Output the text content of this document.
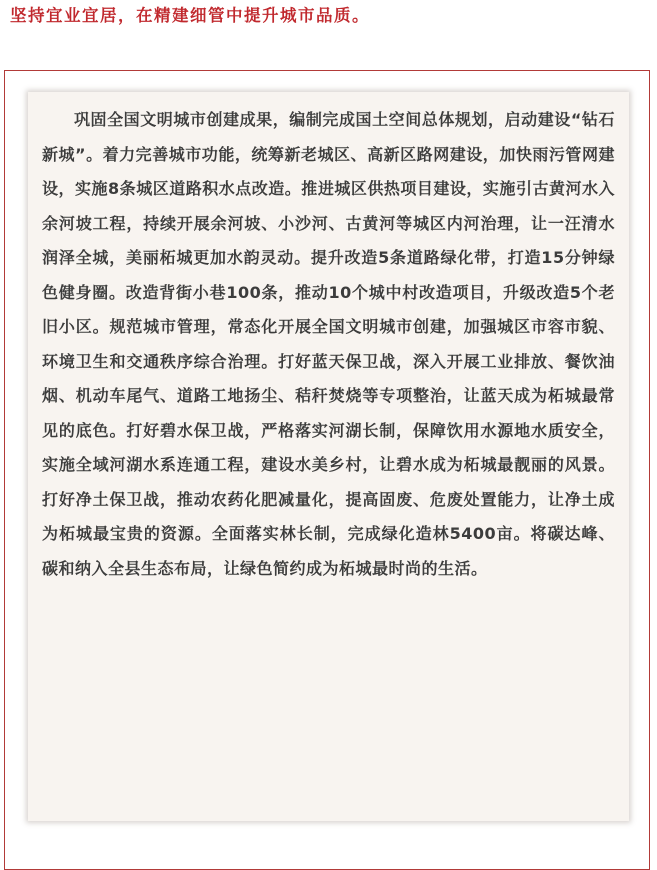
坚持宜业宜居，在精建细管中提升城市品质。

巩固全国文明城市创建成果，编制完成国土空间总体规划，启动建设“钻石新城”。着力完善城市功能，统筹新老城区、高新区路网建设，加快雨污管网建设，实施8条城区道路积水点改造。推进城区供热项目建设，实施引古黄河水入余河坡工程，持续开展余河坡、小沙河、古黄河等城区内河治理，让一汪清水润泽全城，美丽柘城更加水韵灵动。提升改造5条道路绿化带，打造15分钟绿色健身圈。改造背街小巷100条，推动10个城中村改造项目，升级改造5个老旧小区。规范城市管理，常态化开展全国文明城市创建，加强城区市容市貌、环境卫生和交通秩序综合治理。打好蓝天保卫战，深入开展工业排放、餐饮油烟、机动车尾气、道路工地扬尘、秸秆焚烧等专项整治，让蓝天成为柘城最常见的底色。打好碧水保卫战，严格落实河湖长制，保障饮用水源地水质安全，实施全域河湖水系连通工程，建设水美乡村，让碧水成为柘城最靓丽的风景。打好净土保卫战，推动农药化肥减量化，提高固废、危废处置能力，让净土成为柘城最宝贵的资源。全面落实林长制，完成绿化造林5400亩。将碳达峰、碳和纳入全县生态布局，让绿色简约成为柘城最时尚的生活。
